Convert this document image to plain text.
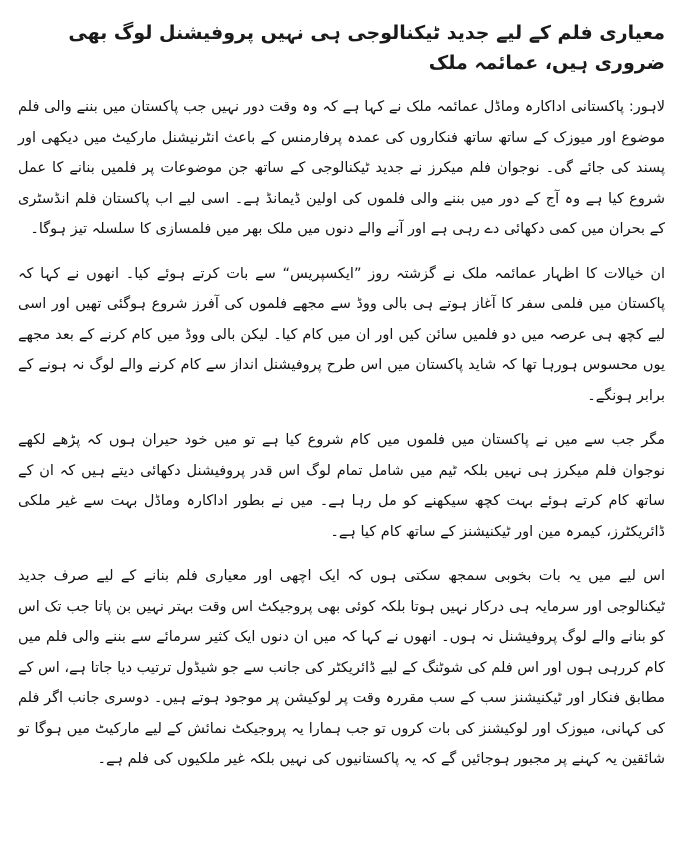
معیاری فلم کے لیے جدید ٹیکنالوجی ہی نہیں پروفیشنل لوگ بھی ضروری ہیں، عمائمہ ملک

لاہور: پاکستانی اداکارہ وماڈل عمائمہ ملک نے کہا ہے کہ وہ وقت دور نہیں جب پاکستان میں بننے والی فلم موضوع اور میوزک کے ساتھ ساتھ فنکاروں کی عمدہ پرفارمنس کے باعث انٹرنیشنل مارکیٹ میں دیکھی اور پسند کی جائے گی۔ نوجوان فلم میکرز نے جدید ٹیکنالوجی کے ساتھ جن موضوعات پر فلمیں بنانے کا عمل شروع کیا ہے وہ آج کے دور میں بننے والی فلموں کی اولین ڈیمانڈ ہے۔ اسی لیے اب پاکستان فلم انڈسٹری کے بحران میں کمی دکھائی دے رہی ہے اور آنے والے دنوں میں ملک بھر میں فلمسازی کا سلسلہ تیز ہوگا۔

ان خیالات کا اظہار عمائمہ ملک نے گزشتہ روز ”ایکسپریس“ سے بات کرتے ہوئے کیا۔ انھوں نے کہا کہ پاکستان میں فلمی سفر کا آغاز ہوتے ہی بالی ووڈ سے مجھے فلموں کی آفرز شروع ہوگئی تھیں اور اسی لیے کچھ ہی عرصہ میں دو فلمیں سائن کیں اور ان میں کام کیا۔ لیکن بالی ووڈ میں کام کرنے کے بعد مجھے یوں محسوس ہورہا تھا کہ شاید پاکستان میں اس طرح پروفیشنل انداز سے کام کرنے والے لوگ نہ ہونے کے برابر ہونگے۔

مگر جب سے میں نے پاکستان میں فلموں میں کام شروع کیا ہے تو میں خود حیران ہوں کہ پڑھے لکھے نوجوان فلم میکرز ہی نہیں بلکہ ٹیم میں شامل تمام لوگ اس قدر پروفیشنل دکھائی دیتے ہیں کہ ان کے ساتھ کام کرتے ہوئے بہت کچھ سیکھنے کو مل رہا ہے۔ میں نے بطور اداکارہ وماڈل بہت سے غیر ملکی ڈائریکٹرز، کیمرہ مین اور ٹیکنیشنز کے ساتھ کام کیا ہے۔

اس لیے میں یہ بات بخوبی سمجھ سکتی ہوں کہ ایک اچھی اور معیاری فلم بنانے کے لیے صرف جدید ٹیکنالوجی اور سرمایہ ہی درکار نہیں ہوتا بلکہ کوئی بھی پروجیکٹ اس وقت بہتر نہیں بن پاتا جب تک اس کو بنانے والے لوگ پروفیشنل نہ ہوں۔ انھوں نے کہا کہ میں ان دنوں ایک کثیر سرمائے سے بننے والی فلم میں کام کررہی ہوں اور اس فلم کی شوٹنگ کے لیے ڈائریکٹر کی جانب سے جو شیڈول ترتیب دیا جاتا ہے، اس کے مطابق فنکار اور ٹیکنیشنز سب کے سب مقررہ وقت پر لوکیشن پر موجود ہوتے ہیں۔ دوسری جانب اگر فلم کی کہانی، میوزک اور لوکیشنز کی بات کروں تو جب ہمارا یہ پروجیکٹ نمائش کے لیے مارکیٹ میں ہوگا تو شائقین یہ کہنے پر مجبور ہوجائیں گے کہ یہ پاکستانیوں کی نہیں بلکہ غیر ملکیوں کی فلم ہے۔
